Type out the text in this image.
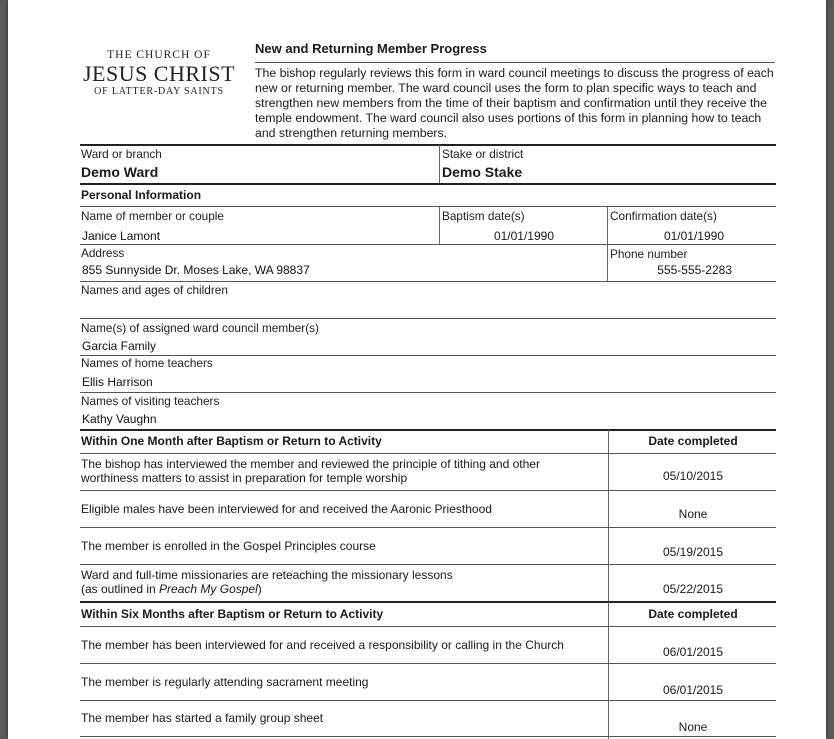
THE CHURCH OF
JESUS CHRIST
OF LATTER-DAY SAINTS
New and Returning Member Progress
The bishop regularly reviews this form in ward council meetings to discuss the progress of each new or returning member. The ward council uses the form to plan specific ways to teach and strengthen new members from the time of their baptism and confirmation until they receive the temple endowment. The ward council also uses portions of this form in planning how to teach and strengthen returning members.
Ward or branch
Demo Ward
Stake or district
Demo Stake
Personal Information
Name of member or couple
Janice Lamont
Baptism date(s)
01/01/1990
Confirmation date(s)
01/01/1990
Address
855 Sunnyside Dr. Moses Lake, WA 98837
Phone number
555-555-2283
Names and ages of children
Name(s) of assigned ward council member(s)
Garcia Family
Names of home teachers
Ellis Harrison
Names of visiting teachers
Kathy Vaughn
Within One Month after Baptism or Return to Activity	Date completed
The bishop has interviewed the member and reviewed the principle of tithing and other
worthiness matters to assist in preparation for temple worship	05/10/2015
Eligible males have been interviewed for and received the Aaronic Priesthood	None
The member is enrolled in the Gospel Principles course	05/19/2015
Ward and full-time missionaries are reteaching the missionary lessons
(as outlined in Preach My Gospel)	05/22/2015
Within Six Months after Baptism or Return to Activity	Date completed
The member has been interviewed for and received a responsibility or calling in the Church	06/01/2015
The member is regularly attending sacrament meeting
06/01/2015
The member has started a family group sheet
None
